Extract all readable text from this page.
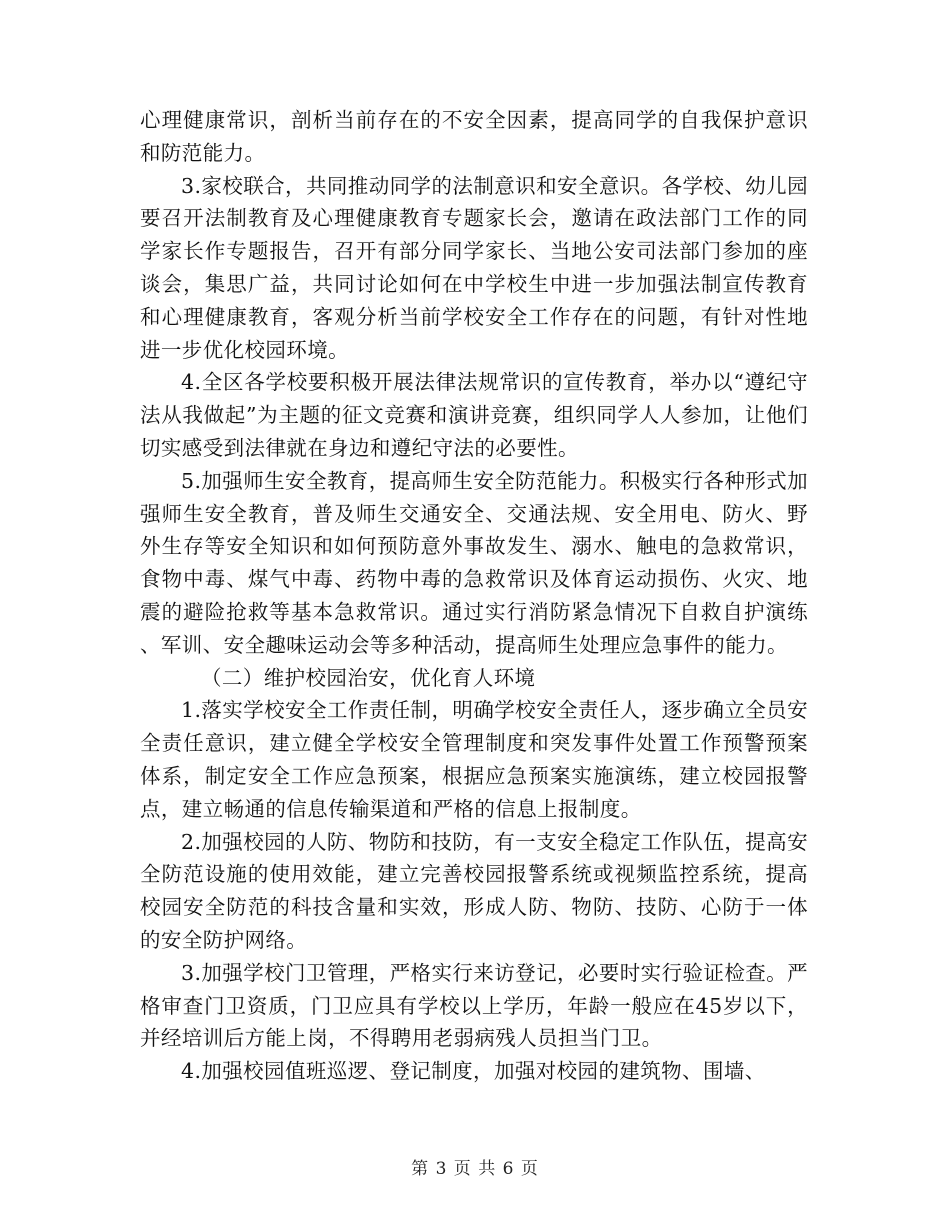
心理健康常识，剖析当前存在的不安全因素，提高同学的自我保护意识和防范能力。

3.家校联合，共同推动同学的法制意识和安全意识。各学校、幼儿园要召开法制教育及心理健康教育专题家长会，邀请在政法部门工作的同学家长作专题报告，召开有部分同学家长、当地公安司法部门参加的座谈会，集思广益，共同讨论如何在中学校生中进一步加强法制宣传教育和心理健康教育，客观分析当前学校安全工作存在的问题，有针对性地进一步优化校园环境。

4.全区各学校要积极开展法律法规常识的宣传教育，举办以“遵纪守法从我做起”为主题的征文竞赛和演讲竞赛，组织同学人人参加，让他们切实感受到法律就在身边和遵纪守法的必要性。

5.加强师生安全教育，提高师生安全防范能力。积极实行各种形式加强师生安全教育，普及师生交通安全、交通法规、安全用电、防火、野外生存等安全知识和如何预防意外事故发生、溺水、触电的急救常识，食物中毒、煤气中毒、药物中毒的急救常识及体育运动损伤、火灾、地震的避险抢救等基本急救常识。通过实行消防紧急情况下自救自护演练、军训、安全趣味运动会等多种活动，提高师生处理应急事件的能力。

（二）维护校园治安，优化育人环境

1.落实学校安全工作责任制，明确学校安全责任人，逐步确立全员安全责任意识，建立健全学校安全管理制度和突发事件处置工作预警预案体系，制定安全工作应急预案，根据应急预案实施演练，建立校园报警点，建立畅通的信息传输渠道和严格的信息上报制度。

2.加强校园的人防、物防和技防，有一支安全稳定工作队伍，提高安全防范设施的使用效能，建立完善校园报警系统或视频监控系统，提高校园安全防范的科技含量和实效，形成人防、物防、技防、心防于一体的安全防护网络。

3.加强学校门卫管理，严格实行来访登记，必要时实行验证检查。严格审查门卫资质，门卫应具有学校以上学历，年龄一般应在45岁以下，并经培训后方能上岗，不得聘用老弱病残人员担当门卫。

4.加强校园值班巡逻、登记制度，加强对校园的建筑物、围墙、

第 3 页 共 6 页
